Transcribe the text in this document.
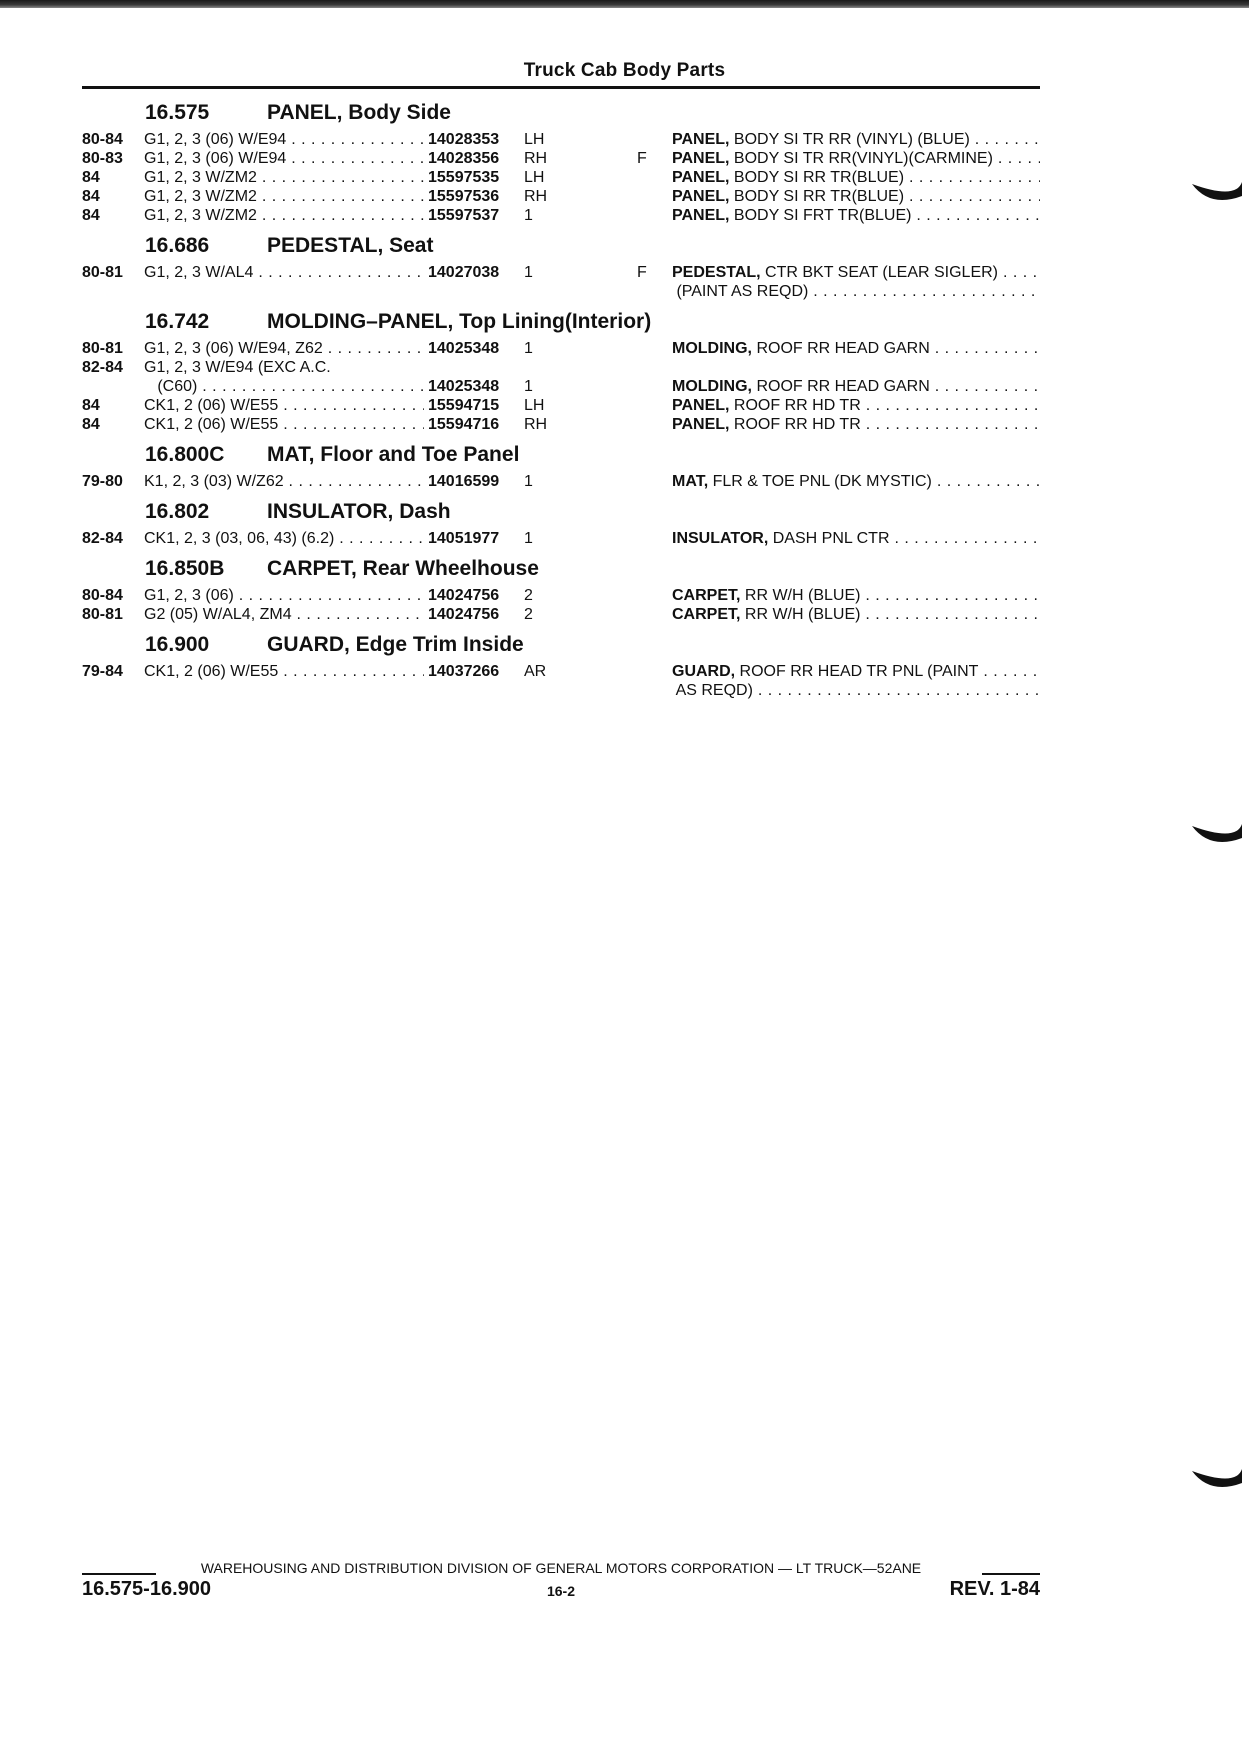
Truck Cab Body Parts
16.575	PANEL, Body Side
80-84 G1, 2, 3 (06) W/E94 . . .	14028353 LH	PANEL, BODY SI TR RR (VINYL) (BLUE) . . .
80-83 G1, 2, 3 (06) W/E94 . . .	14028356 RH	F PANEL, BODY SI TR RR(VINYL)(CARMINE) . . .
84	G1, 2, 3 W/ZM2 . . .	15597535 LH	PANEL, BODY SI RR TR(BLUE) . . .
84	G1, 2, 3 W/ZM2 . . .	15597536 RH	PANEL, BODY SI RR TR(BLUE) . . .
84	G1, 2, 3 W/ZM2 . . .	15597537 1	PANEL, BODY SI FRT TR(BLUE) . . .
16.686	PEDESTAL, Seat
80-81 G1, 2, 3 W/AL4 . . .	14027038 1	F PEDESTAL, CTR BKT SEAT (LEAR SIGLER) . . .
(PAINT AS REQD) . . .
16.742	MOLDING–PANEL, Top Lining(Interior)
80-81 G1, 2, 3 (06) W/E94, Z62 . . .	14025348 1	MOLDING, ROOF RR HEAD GARN . . .
82-84 G1, 2, 3 W/E94 (EXC A.C.
(C60) . . .	14025348 1	MOLDING, ROOF RR HEAD GARN . . .
84	CK1, 2 (06) W/E55 . . .	15594715 LH	PANEL, ROOF RR HD TR . . .
84	CK1, 2 (06) W/E55 . . .	15594716 RH	PANEL, ROOF RR HD TR . . .
16.800C MAT, Floor and Toe Panel
79-80 K1, 2, 3 (03) W/Z62 . . .	14016599 1	MAT, FLR & TOE PNL (DK MYSTIC) . . .
16.802	INSULATOR, Dash
82-84 CK1, 2, 3 (03, 06, 43) (6.2) . . .	14051977 1	INSULATOR, DASH PNL CTR . . .
16.850B CARPET, Rear Wheelhouse
80-84 G1, 2, 3 (06) . . .	14024756 2	CARPET, RR W/H (BLUE) . . .
80-81 G2 (05) W/AL4, ZM4 . . .	14024756 2	CARPET, RR W/H (BLUE) . . .
16.900	GUARD, Edge Trim Inside
79-84 CK1, 2 (06) W/E55 . . .	14037266 AR	GUARD, ROOF RR HEAD TR PNL (PAINT . . .
AS REQD) . . .
WAREHOUSING AND DISTRIBUTION DIVISION OF GENERAL MOTORS CORPORATION — LT TRUCK—52ANE
16.575-16.900	16-2	REV. 1-84
